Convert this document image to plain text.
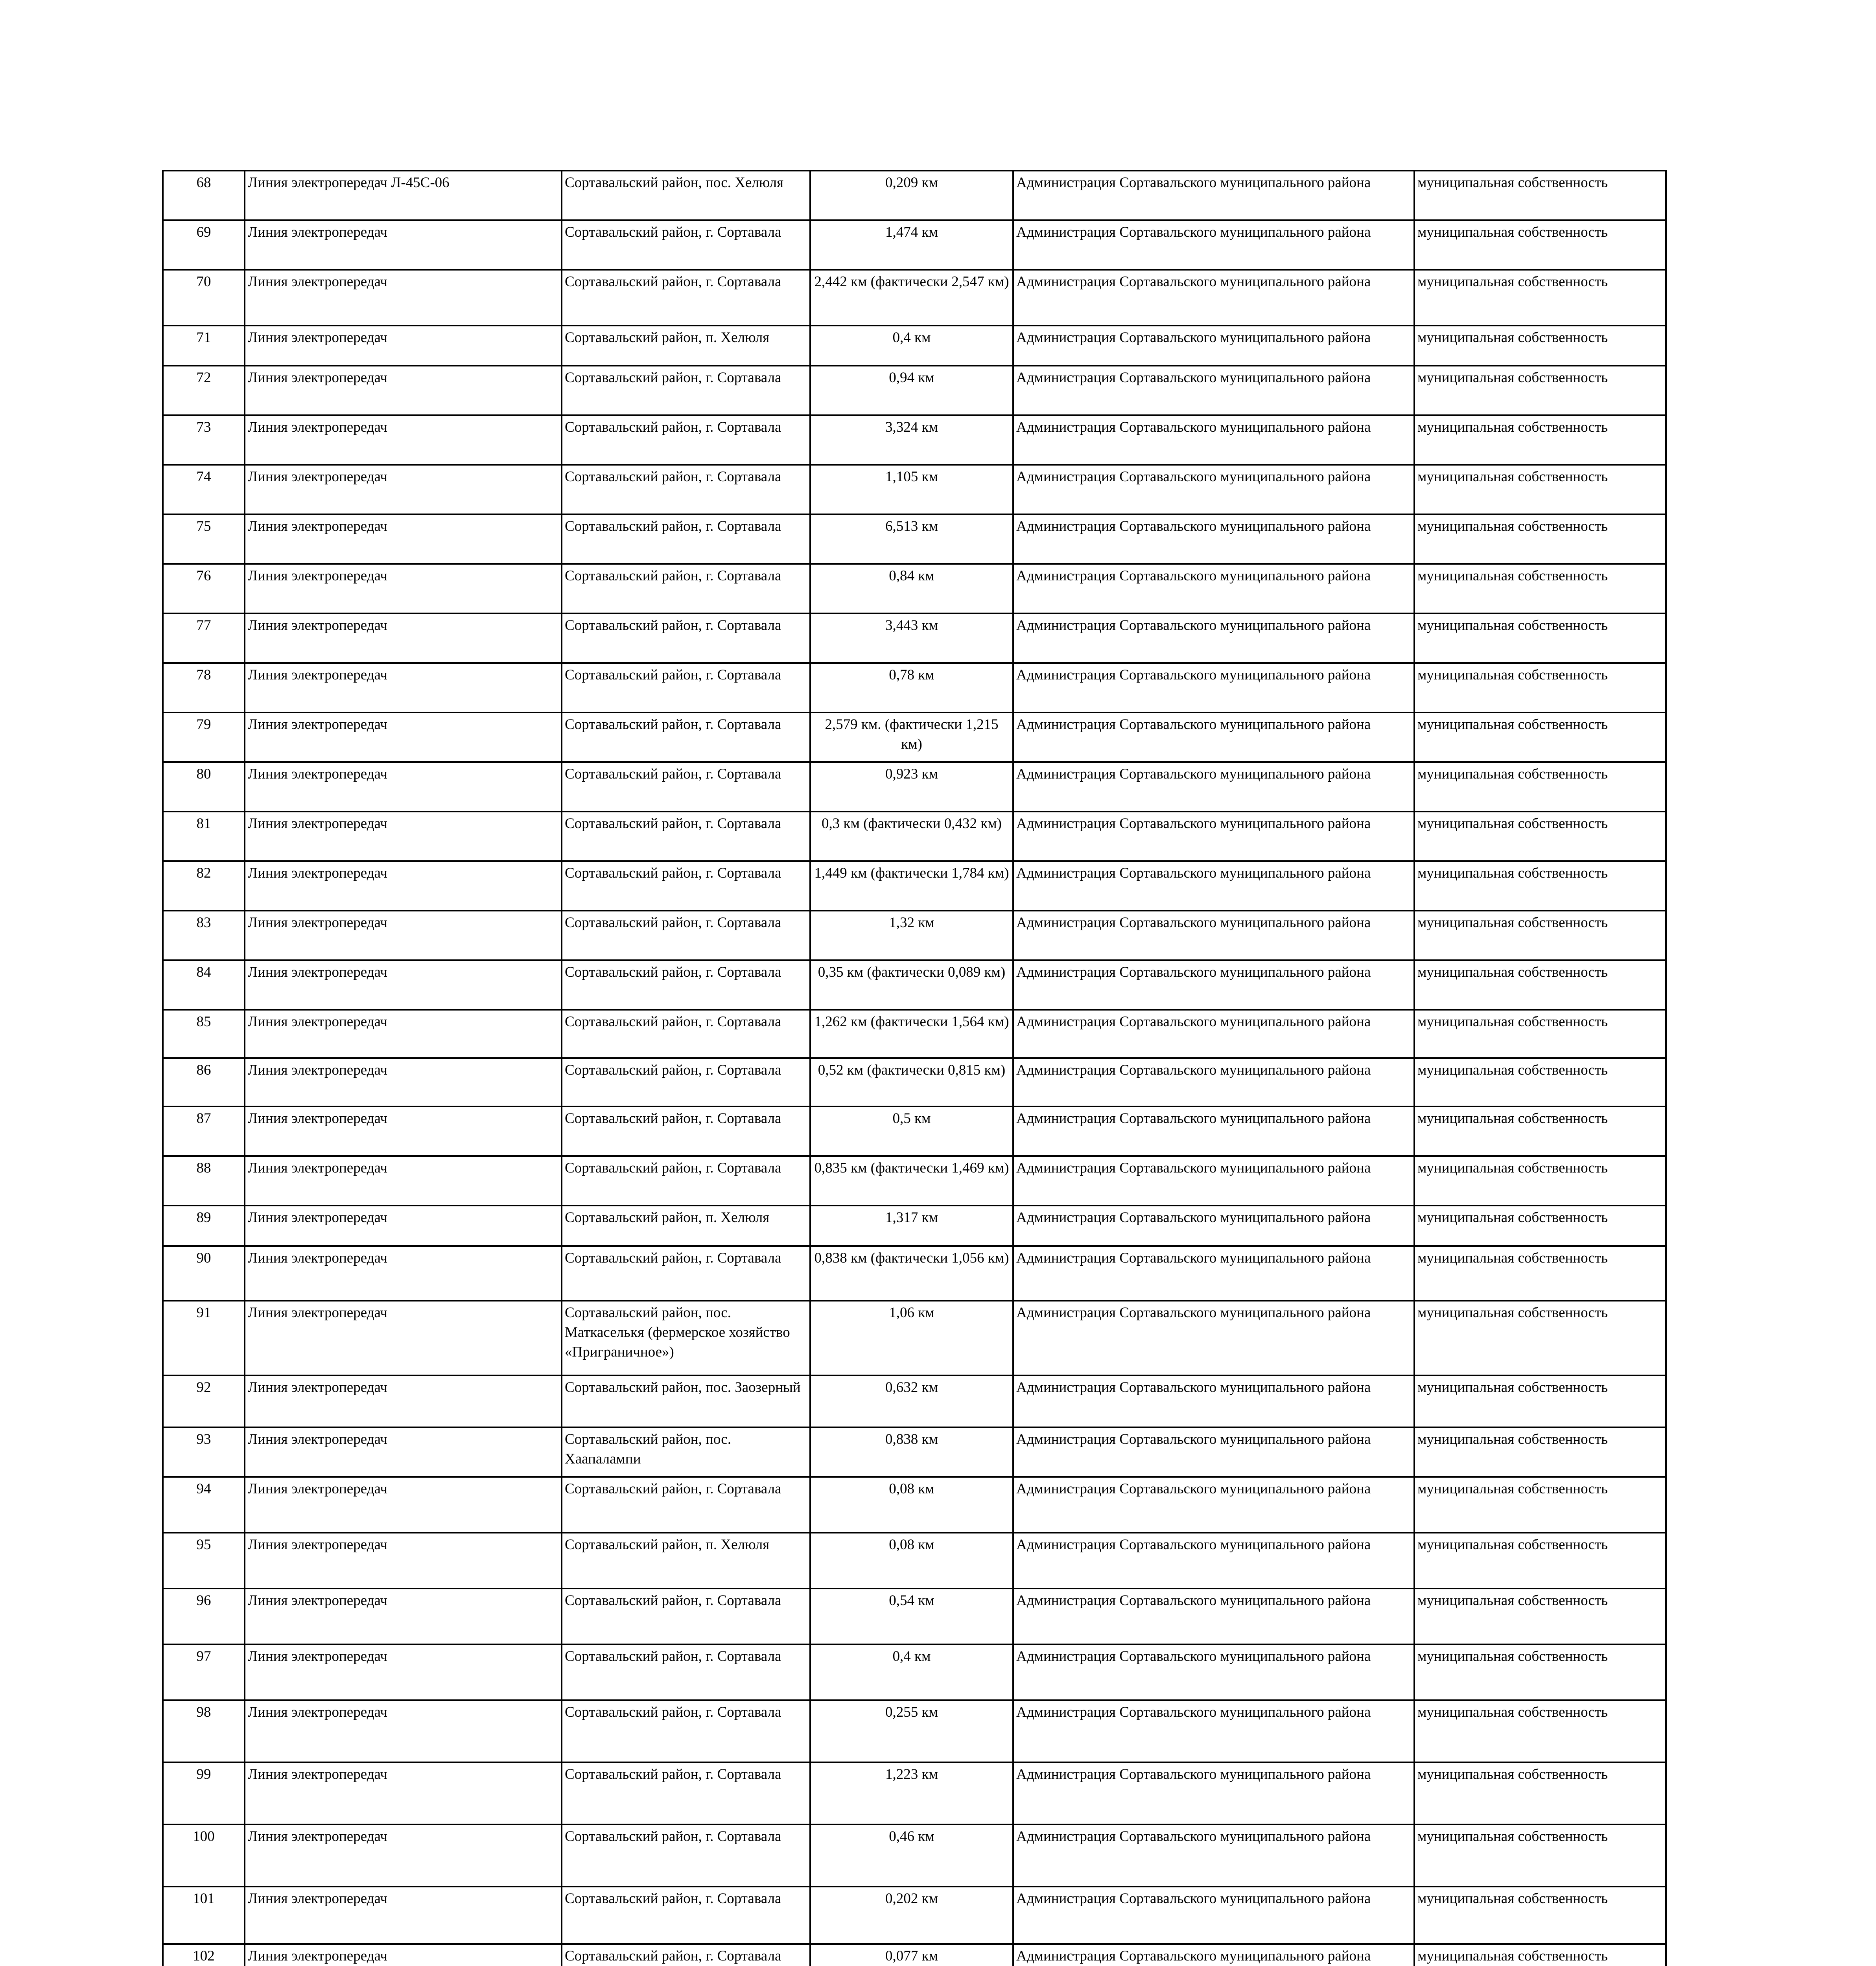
68	Линия электропередач Л-45С-06	Сортавальский район, пос. Хелюля	0,209 км	Администрация Сортавальского муниципального района	муниципальная собственность
69	Линия электропередач	Сортавальский район, г. Сортавала	1,474 км	Администрация Сортавальского муниципального района	муниципальная собственность
70	Линия электропередач	Сортавальский район, г. Сортавала	2,442 км (фактически 2,547 км)	Администрация Сортавальского муниципального района	муниципальная собственность
71	Линия электропередач	Сортавальский район, п. Хелюля	0,4 км	Администрация Сортавальского муниципального района	муниципальная собственность
72	Линия электропередач	Сортавальский район, г. Сортавала	0,94 км	Администрация Сортавальского муниципального района	муниципальная собственность
73	Линия электропередач	Сортавальский район, г. Сортавала	3,324 км	Администрация Сортавальского муниципального района	муниципальная собственность
74	Линия электропередач	Сортавальский район, г. Сортавала	1,105 км	Администрация Сортавальского муниципального района	муниципальная собственность
75	Линия электропередач	Сортавальский район, г. Сортавала	6,513 км	Администрация Сортавальского муниципального района	муниципальная собственность
76	Линия электропередач	Сортавальский район, г. Сортавала	0,84 км	Администрация Сортавальского муниципального района	муниципальная собственность
77	Линия электропередач	Сортавальский район, г. Сортавала	3,443 км	Администрация Сортавальского муниципального района	муниципальная собственность
78	Линия электропередач	Сортавальский район, г. Сортавала	0,78 км	Администрация Сортавальского муниципального района	муниципальная собственность
79	Линия электропередач	Сортавальский район, г. Сортавала	2,579 км. (фактически 1,215 км)	Администрация Сортавальского муниципального района	муниципальная собственность
80	Линия электропередач	Сортавальский район, г. Сортавала	0,923 км	Администрация Сортавальского муниципального района	муниципальная собственность
81	Линия электропередач	Сортавальский район, г. Сортавала	0,3 км (фактически 0,432 км)	Администрация Сортавальского муниципального района	муниципальная собственность
82	Линия электропередач	Сортавальский район, г. Сортавала	1,449 км (фактически 1,784 км)	Администрация Сортавальского муниципального района	муниципальная собственность
83	Линия электропередач	Сортавальский район, г. Сортавала	1,32 км	Администрация Сортавальского муниципального района	муниципальная собственность
84	Линия электропередач	Сортавальский район, г. Сортавала	0,35 км (фактически 0,089 км)	Администрация Сортавальского муниципального района	муниципальная собственность
85	Линия электропередач	Сортавальский район, г. Сортавала	1,262 км (фактически 1,564 км)	Администрация Сортавальского муниципального района	муниципальная собственность
86	Линия электропередач	Сортавальский район, г. Сортавала	0,52 км (фактически 0,815 км)	Администрация Сортавальского муниципального района	муниципальная собственность
87	Линия электропередач	Сортавальский район, г. Сортавала	0,5 км	Администрация Сортавальского муниципального района	муниципальная собственность
88	Линия электропередач	Сортавальский район, г. Сортавала	0,835 км (фактически 1,469 км)	Администрация Сортавальского муниципального района	муниципальная собственность
89	Линия электропередач	Сортавальский район, п. Хелюля	1,317 км	Администрация Сортавальского муниципального района	муниципальная собственность
90	Линия электропередач	Сортавальский район, г. Сортавала	0,838 км (фактически 1,056 км)	Администрация Сортавальского муниципального района	муниципальная собственность
91	Линия электропередач	Сортавальский район, пос. Маткаселькя (фермерское хозяйство «Приграничное»)	1,06 км	Администрация Сортавальского муниципального района	муниципальная собственность
92	Линия электропередач	Сортавальский район, пос. Заозерный	0,632 км	Администрация Сортавальского муниципального района	муниципальная собственность
93	Линия электропередач	Сортавальский район, пос. Хаапалампи	0,838 км	Администрация Сортавальского муниципального района	муниципальная собственность
94	Линия электропередач	Сортавальский район, г. Сортавала	0,08 км	Администрация Сортавальского муниципального района	муниципальная собственность
95	Линия электропередач	Сортавальский район, п. Хелюля	0,08 км	Администрация Сортавальского муниципального района	муниципальная собственность
96	Линия электропередач	Сортавальский район, г. Сортавала	0,54 км	Администрация Сортавальского муниципального района	муниципальная собственность
97	Линия электропередач	Сортавальский район, г. Сортавала	0,4 км	Администрация Сортавальского муниципального района	муниципальная собственность
98	Линия электропередач	Сортавальский район, г. Сортавала	0,255 км	Администрация Сортавальского муниципального района	муниципальная собственность
99	Линия электропередач	Сортавальский район, г. Сортавала	1,223 км	Администрация Сортавальского муниципального района	муниципальная собственность
100	Линия электропередач	Сортавальский район, г. Сортавала	0,46 км	Администрация Сортавальского муниципального района	муниципальная собственность
101	Линия электропередач	Сортавальский район, г. Сортавала	0,202 км	Администрация Сортавальского муниципального района	муниципальная собственность
102	Линия электропередач	Сортавальский район, г. Сортавала	0,077 км	Администрация Сортавальского муниципального района	муниципальная собственность
